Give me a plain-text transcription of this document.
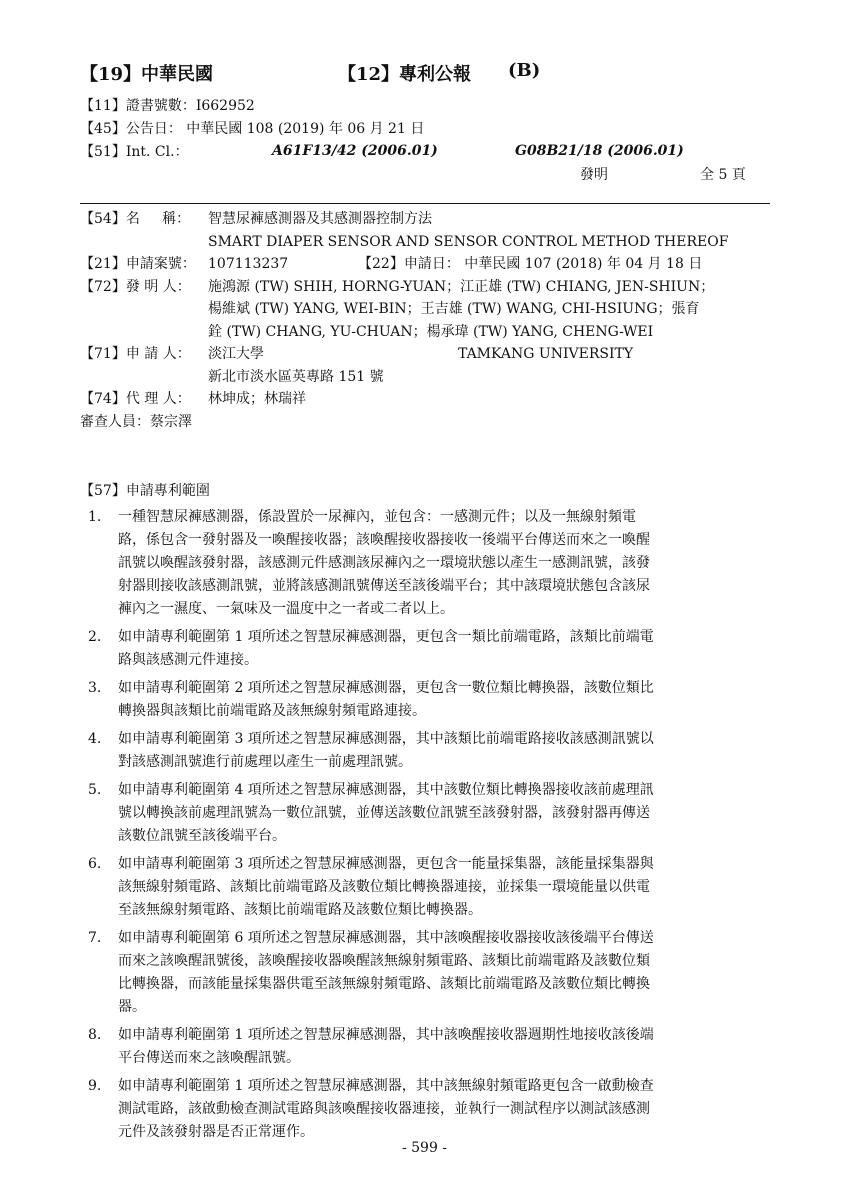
【19】中華民國	【12】專利公報 (B)
【11】證書號數：I662952
【45】公告日： 中華民國 108 (2019) 年 06 月 21 日
【51】Int. Cl.：	A61F13/42 (2006.01)	G08B21/18 (2006.01)
發明	全 5 頁
【54】名     稱：	智慧尿褲感測器及其感測器控制方法
SMART DIAPER SENSOR AND SENSOR CONTROL METHOD THEREOF
【21】申請案號： 107113237	【22】申請日： 中華民國 107 (2018) 年 04 月 18 日
【72】發 明 人：	施鴻源 (TW) SHIH, HORNG-YUAN；江正雄 (TW) CHIANG, JEN-SHIUN；
楊維斌 (TW) YANG, WEI-BIN；王吉雄 (TW) WANG, CHI-HSIUNG；張育
銓 (TW) CHANG, YU-CHUAN；楊承瑋 (TW) YANG, CHENG-WEI
【71】申 請 人：	淡江大學	TAMKANG UNIVERSITY
新北市淡水區英專路 151 號
【74】代 理 人：	林坤成；林瑞祥
審查人員：蔡宗澤
【57】申請專利範圍
1.	一種智慧尿褲感測器，係設置於一尿褲內，並包含：一感測元件；以及一無線射頻電
路，係包含一發射器及一喚醒接收器；該喚醒接收器接收一後端平台傳送而來之一喚醒
訊號以喚醒該發射器，該感測元件感測該尿褲內之一環境狀態以產生一感測訊號，該發
射器則接收該感測訊號，並將該感測訊號傳送至該後端平台；其中該環境狀態包含該尿
褲內之一濕度、一氣味及一溫度中之一者或二者以上。
2.	如申請專利範圍第 1 項所述之智慧尿褲感測器，更包含一類比前端電路，該類比前端電
路與該感測元件連接。
3.	如申請專利範圍第 2 項所述之智慧尿褲感測器，更包含一數位類比轉換器，該數位類比
轉換器與該類比前端電路及該無線射頻電路連接。
4.	如申請專利範圍第 3 項所述之智慧尿褲感測器，其中該類比前端電路接收該感測訊號以
對該感測訊號進行前處理以產生一前處理訊號。
5.	如申請專利範圍第 4 項所述之智慧尿褲感測器，其中該數位類比轉換器接收該前處理訊
號以轉換該前處理訊號為一數位訊號，並傳送該數位訊號至該發射器，該發射器再傳送
該數位訊號至該後端平台。
6.	如申請專利範圍第 3 項所述之智慧尿褲感測器，更包含一能量採集器，該能量採集器與
該無線射頻電路、該類比前端電路及該數位類比轉換器連接，並採集一環境能量以供電
至該無線射頻電路、該類比前端電路及該數位類比轉換器。
7.	如申請專利範圍第 6 項所述之智慧尿褲感測器，其中該喚醒接收器接收該後端平台傳送
而來之該喚醒訊號後，該喚醒接收器喚醒該無線射頻電路、該類比前端電路及該數位類
比轉換器，而該能量採集器供電至該無線射頻電路、該類比前端電路及該數位類比轉換
器。
8.	如申請專利範圍第 1 項所述之智慧尿褲感測器，其中該喚醒接收器週期性地接收該後端
平台傳送而來之該喚醒訊號。
9.	如申請專利範圍第 1 項所述之智慧尿褲感測器，其中該無線射頻電路更包含一啟動檢查
測試電路，該啟動檢查測試電路與該喚醒接收器連接，並執行一測試程序以測試該感測
元件及該發射器是否正常運作。
- 599 -
